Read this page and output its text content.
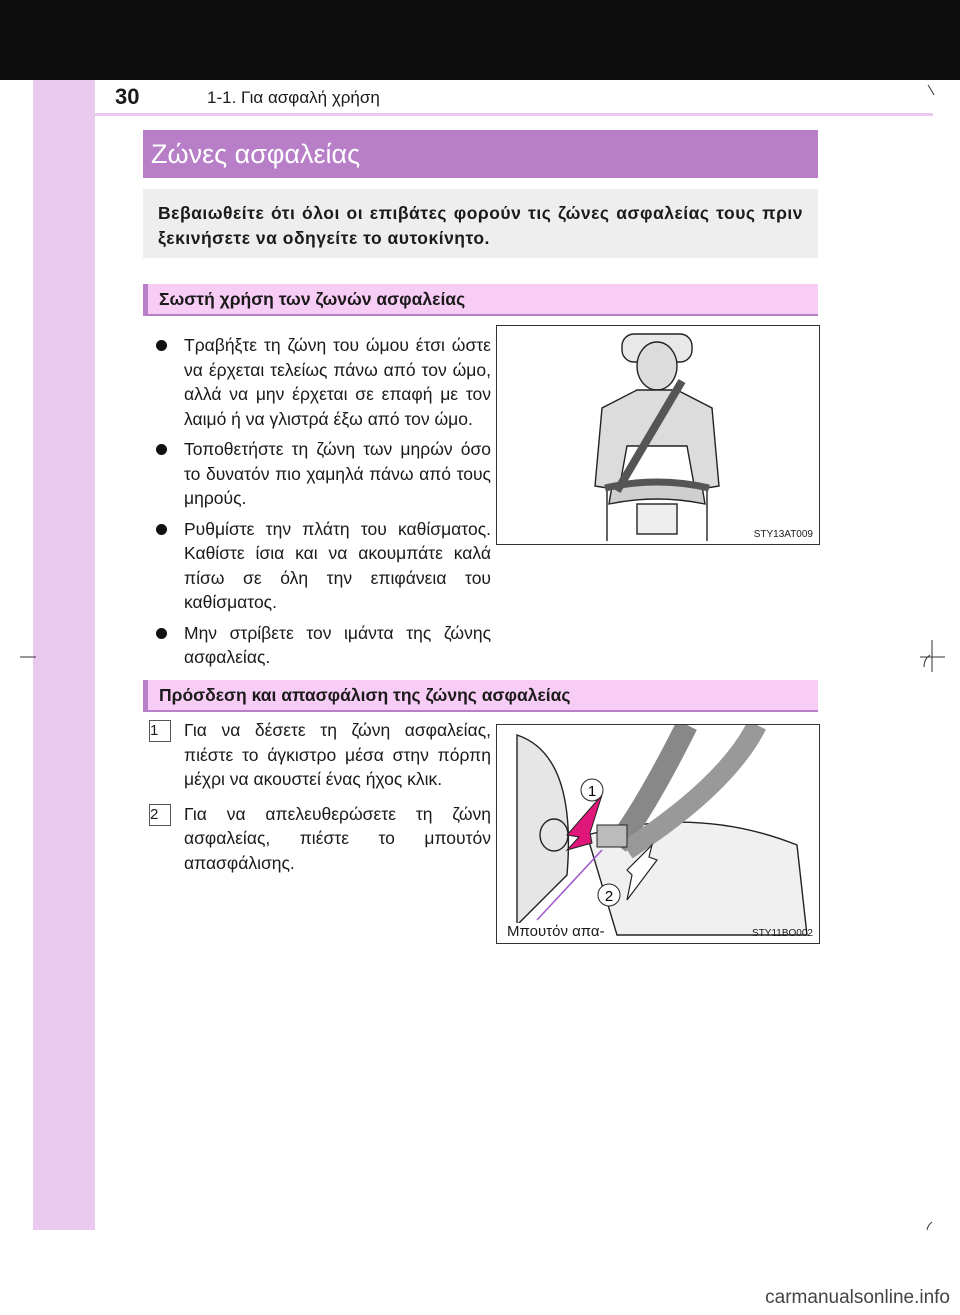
30	1-1. Για ασφαλή χρήση
Ζώνες ασφαλείας

Βεβαιωθείτε ότι όλοι οι επιβάτες φορούν τις ζώνες ασφαλείας τους πριν ξεκινήσετε να οδηγείτε το αυτοκίνητο.

Σωστή χρήση των ζωνών ασφαλείας
Τραβήξτε τη ζώνη του ώμου έτσι ώστε να έρχεται τελείως πάνω από τον ώμο, αλλά να μην έρχεται σε επαφή με τον λαιμό ή να γλιστρά έξω από τον ώμο.
Τοποθετήστε τη ζώνη των μηρών όσο το δυνατόν πιο χαμηλά πάνω από τους μηρούς.
Ρυθμίστε την πλάτη του καθίσματος. Καθίστε ίσια και να ακουμπάτε καλά πίσω σε όλη την επιφάνεια του καθίσματος.
Μην στρίβετε τον ιμάντα της ζώνης ασφαλείας.
STY13AT009
Πρόσδεση και απασφάλιση της ζώνης ασφαλείας
1	Για να δέσετε τη ζώνη ασφαλείας, πιέστε το άγκιστρο μέσα στην πόρπη μέχρι να ακουστεί ένας ήχος κλικ.
2	Για να απελευθερώσετε τη ζώνη ασφαλείας, πιέστε το μπουτόν απασφάλισης.
1
2
Μπουτόν απα-	STY11BO002
carmanualsonline.info
